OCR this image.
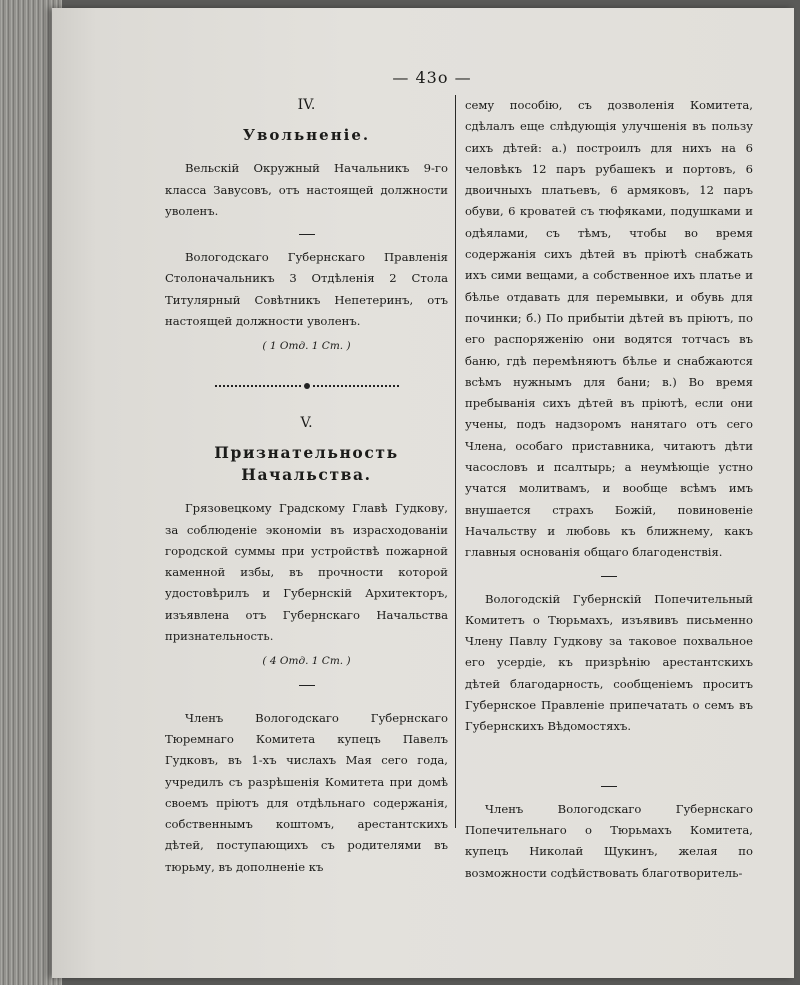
— 43о —
IV.
Увольненiе.

Вельскiй Окружный Начальникъ 9-го класса Завусовъ, отъ настоящей должности уволенъ.

Вологодскаго Губернскаго Правленiя Столоначальникъ 3 Отдѣленiя 2 Стола Титулярный Совѣтникъ Непетеринъ, отъ настоящей должности уволенъ.

( 1 Отд. 1 Ст. )
V.
Признательность Начальства.

Грязовецкому Градскому Главѣ Гудкову, за соблюденiе экономiи въ израсходованiи городской суммы при устройствѣ пожарной каменной избы, въ прочности которой удостовѣрилъ и Губернскiй Архитекторъ, изъявлена отъ Губернскаго Начальства признательность.

( 4 Отд. 1 Ст. )

Членъ Вологодскаго Губернскаго Тюремнаго Комитета купецъ Павелъ Гудковъ, въ 1-хъ числахъ Мая сего года, учредилъ съ разрѣшенiя Комитета при домѣ своемъ прiютъ для отдѣльнаго содержанiя, собственнымъ коштомъ, арестантскихъ дѣтей, поступающихъ съ родителями въ тюрьму, въ дополненiе къ

сему пособiю, съ дозволенiя Комитета, сдѣлалъ еще слѣдующiя улучшенiя въ пользу сихъ дѣтей: а.) построилъ для нихъ на 6 человѣкъ 12 паръ рубашекъ и портовъ, 6 двоичныхъ платьевъ, 6 армяковъ, 12 паръ обуви, 6 кроватей съ тюфяками, подушками и одѣялами, съ тѣмъ, чтобы во время содержанiя сихъ дѣтей въ прiютѣ снабжать ихъ сими вещами, а собственное ихъ платье и бѣлье отдавать для перемывки, и обувь для починки; б.) По прибытiи дѣтей въ прiютъ, по его распоряженiю они водятся тотчасъ въ баню, гдѣ перемѣняютъ бѣлье и снабжаются всѣмъ нужнымъ для бани; в.) Во время пребыванiя сихъ дѣтей въ прiютѣ, если они учены, подъ надзоромъ нанятаго отъ сего Члена, особаго приставника, читаютъ дѣти часословъ и псалтырь; а неумѣющiе устно учатся молитвамъ, и вообще всѣмъ имъ внушается страхъ Божiй, повиновенiе Начальству и любовь къ ближнему, какъ главныя основанiя общаго благоденствiя.

Вологодскiй Губернскiй Попечительный Комитетъ о Тюрьмахъ, изъявивъ письменно Члену Павлу Гудкову за таковое похвальное его усердiе, къ призрѣнiю арестантскихъ дѣтей благодарность, сообщенiемъ проситъ Губернское Правленiе припечатать о семъ въ Губернскихъ Вѣдомостяхъ.

Членъ Вологодскаго Губернскаго Попечительнаго о Тюрьмахъ Комитета, купецъ Николай Щукинъ, желая по возможности содѣйствовать благотворитель-
